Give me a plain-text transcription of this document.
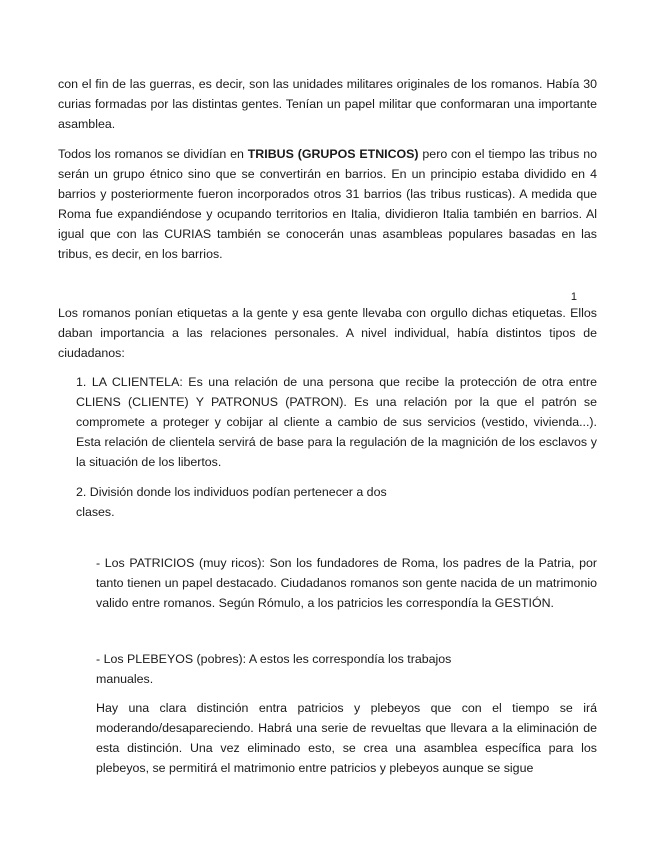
con el fin de las guerras, es decir, son las unidades militares originales de los romanos. Había 30 curias formadas por las distintas gentes. Tenían un papel militar que conformaran una importante asamblea.

Todos los romanos se dividían en TRIBUS (GRUPOS ETNICOS) pero con el tiempo las tribus no serán un grupo étnico sino que se convertirán en barrios. En un principio estaba dividido en 4 barrios y posteriormente fueron incorporados otros 31 barrios (las tribus rusticas). A medida que Roma fue expandiéndose y ocupando territorios en Italia, dividieron Italia también en barrios. Al igual que con las CURIAS también se conocerán unas asambleas populares basadas en las tribus, es decir, en los barrios.

1

Los romanos ponían etiquetas a la gente y esa gente llevaba con orgullo dichas etiquetas. Ellos daban importancia a las relaciones personales. A nivel individual, había distintos tipos de ciudadanos:

1. LA CLIENTELA: Es una relación de una persona que recibe la protección de otra entre CLIENS (CLIENTE) Y PATRONUS (PATRON). Es una relación por la que el patrón se compromete a proteger y cobijar al cliente a cambio de sus servicios (vestido, vivienda...). Esta relación de clientela servirá de base para la regulación de la magnición de los esclavos y la situación de los libertos.

2. División donde los individuos podían pertenecer a dos
clases.

- Los PATRICIOS (muy ricos): Son los fundadores de Roma, los padres de la Patria, por tanto tienen un papel destacado. Ciudadanos romanos son gente nacida de un matrimonio valido entre romanos. Según Rómulo, a los patricios les correspondía la GESTIÓN.

- Los PLEBEYOS (pobres): A estos les correspondía los trabajos
manuales.

Hay una clara distinción entra patricios y plebeyos que con el tiempo se irá moderando/desapareciendo. Habrá una serie de revueltas que llevara a la eliminación de esta distinción. Una vez eliminado esto, se crea una asamblea específica para los plebeyos, se permitirá el matrimonio entre patricios y plebeyos aunque se sigue
